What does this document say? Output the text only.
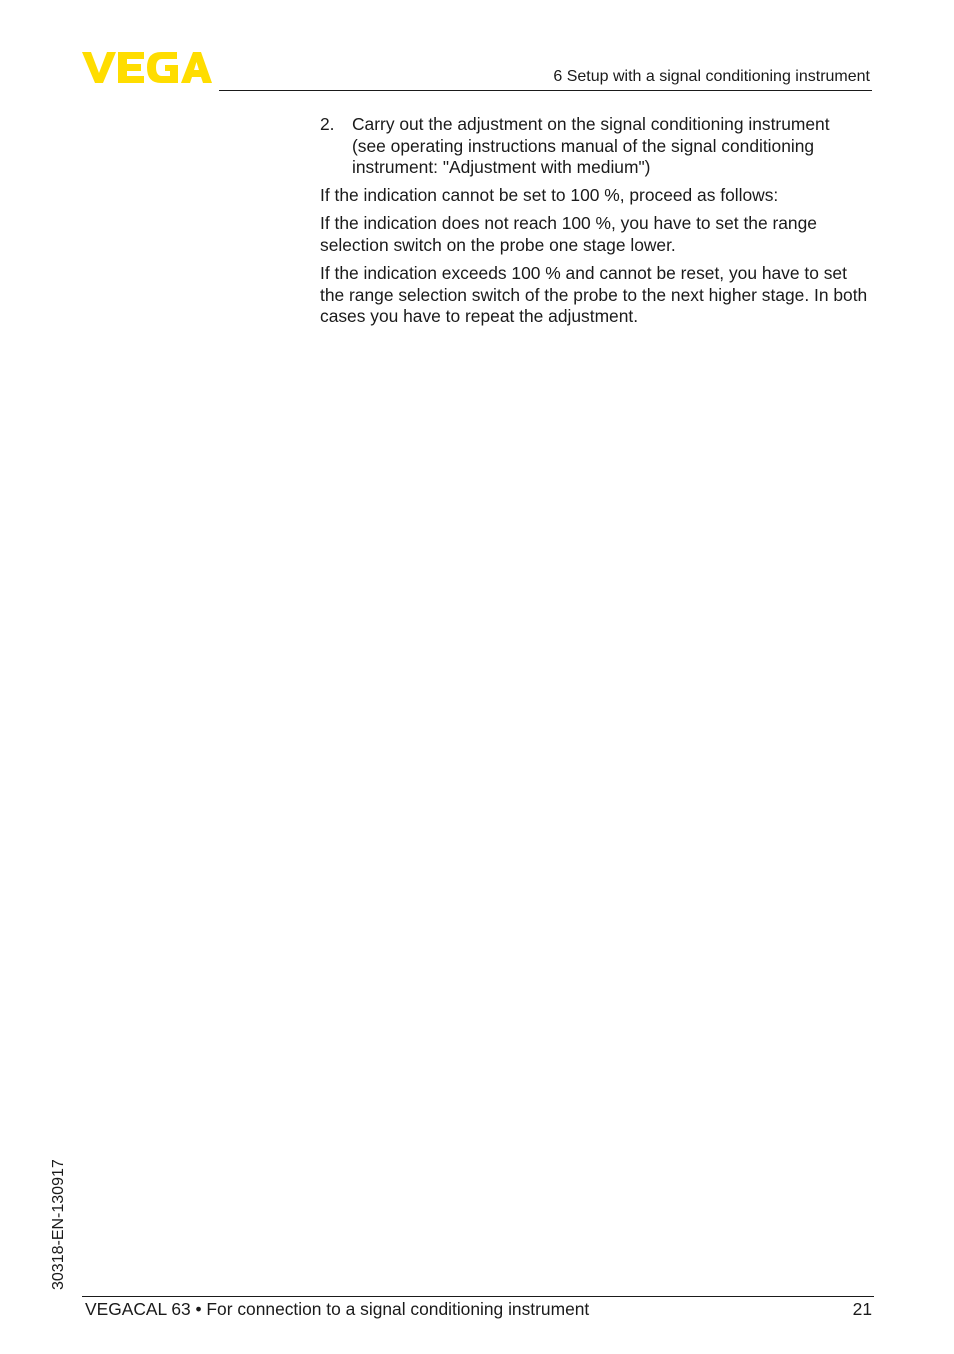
6 Setup with a signal conditioning instrument
2.	Carry out the adjustment on the signal conditioning instrument (see operating instructions manual of the signal conditioning instrument: "Adjustment with medium")

If the indication cannot be set to 100 %, proceed as follows:

If the indication does not reach 100 %, you have to set the range selection switch on the probe one stage lower.

If the indication exceeds 100 % and cannot be reset, you have to set the range selection switch of the probe to the next higher stage. In both cases you have to repeat the adjustment.

30318-EN-130917
VEGACAL 63 • For connection to a signal conditioning instrument	21
